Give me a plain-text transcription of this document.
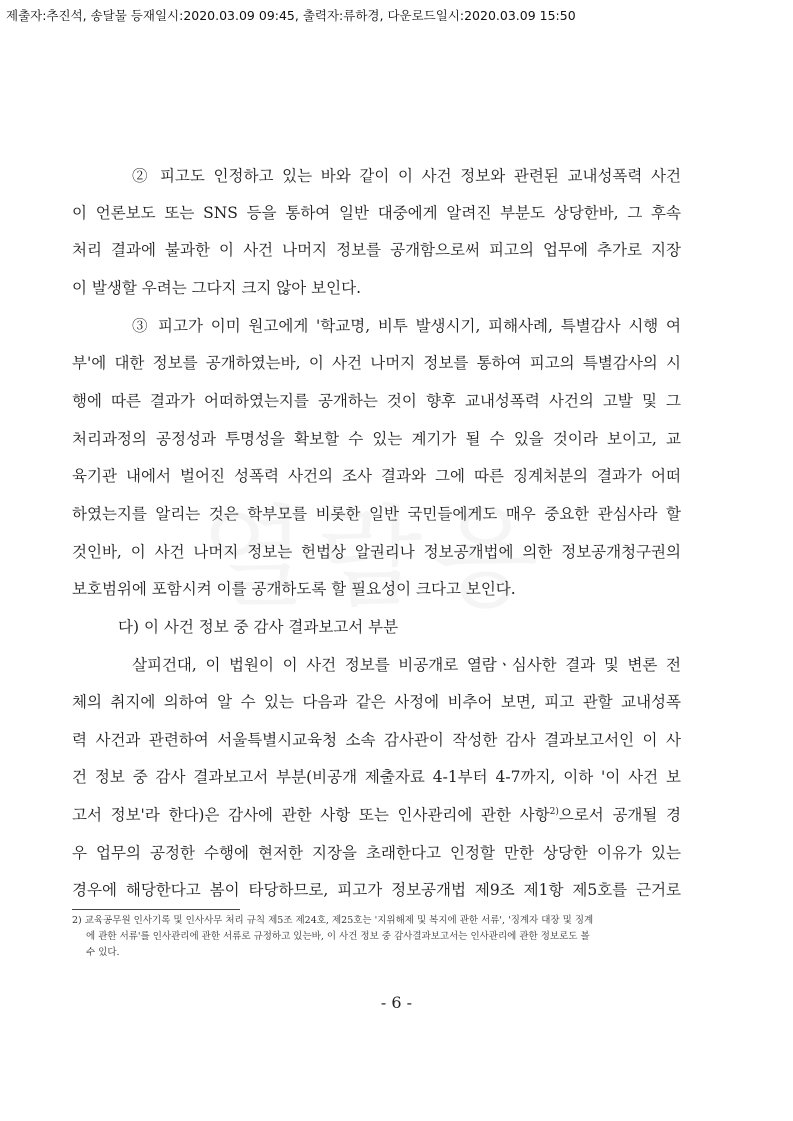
제출자:추진석, 송달물 등재일시:2020.03.09 09:45, 출력자:류하경, 다운로드일시:2020.03.09 15:50
② 피고도 인정하고 있는 바와 같이 이 사건 정보와 관련된 교내성폭력 사건
이 언론보도 또는 SNS 등을 통하여 일반 대중에게 알려진 부분도 상당한바, 그 후속
처리 결과에 불과한 이 사건 나머지 정보를 공개함으로써 피고의 업무에 추가로 지장
이 발생할 우려는 그다지 크지 않아 보인다.
③ 피고가 이미 원고에게 '학교명, 비투 발생시기, 피해사례, 특별감사 시행 여
부'에 대한 정보를 공개하였는바, 이 사건 나머지 정보를 통하여 피고의 특별감사의 시
행에 따른 결과가 어떠하였는지를 공개하는 것이 향후 교내성폭력 사건의 고발 및 그
처리과정의 공정성과 투명성을 확보할 수 있는 계기가 될 수 있을 것이라 보이고, 교
육기관 내에서 벌어진 성폭력 사건의 조사 결과와 그에 따른 징계처분의 결과가 어떠
하였는지를 알리는 것은 학부모를 비롯한 일반 국민들에게도 매우 중요한 관심사라 할
것인바, 이 사건 나머지 정보는 헌법상 알권리나 정보공개법에 의한 정보공개청구권의
보호범위에 포함시켜 이를 공개하도록 할 필요성이 크다고 보인다.
다) 이 사건 정보 중 감사 결과보고서 부분
살피건대, 이 법원이 이 사건 정보를 비공개로 열람ㆍ심사한 결과 및 변론 전
체의 취지에 의하여 알 수 있는 다음과 같은 사정에 비추어 보면, 피고 관할 교내성폭
력 사건과 관련하여 서울특별시교육청 소속 감사관이 작성한 감사 결과보고서인 이 사
건 정보 중 감사 결과보고서 부분(비공개 제출자료 4-1부터 4-7까지, 이하 '이 사건 보
고서 정보'라 한다)은 감사에 관한 사항 또는 인사관리에 관한 사항$^{2)}$으로서 공개될 경
우 업무의 공정한 수행에 현저한 지장을 초래한다고 인정할 만한 상당한 이유가 있는
경우에 해당한다고 봄이 타당하므로, 피고가 정보공개법 제9조 제1항 제5호를 근거로
2) 교육공무원 인사기록 및 인사사무 처리 규칙 제5조 제24호, 제25호는 '지위해제 및 복지에 관한 서류', '징계자 대장 및 징계
에 관한 서류'를 인사관리에 관한 서류로 규정하고 있는바, 이 사건 정보 중 감사결과보고서는 인사관리에 관한 정보로도 볼
수 있다.
- 6 -
